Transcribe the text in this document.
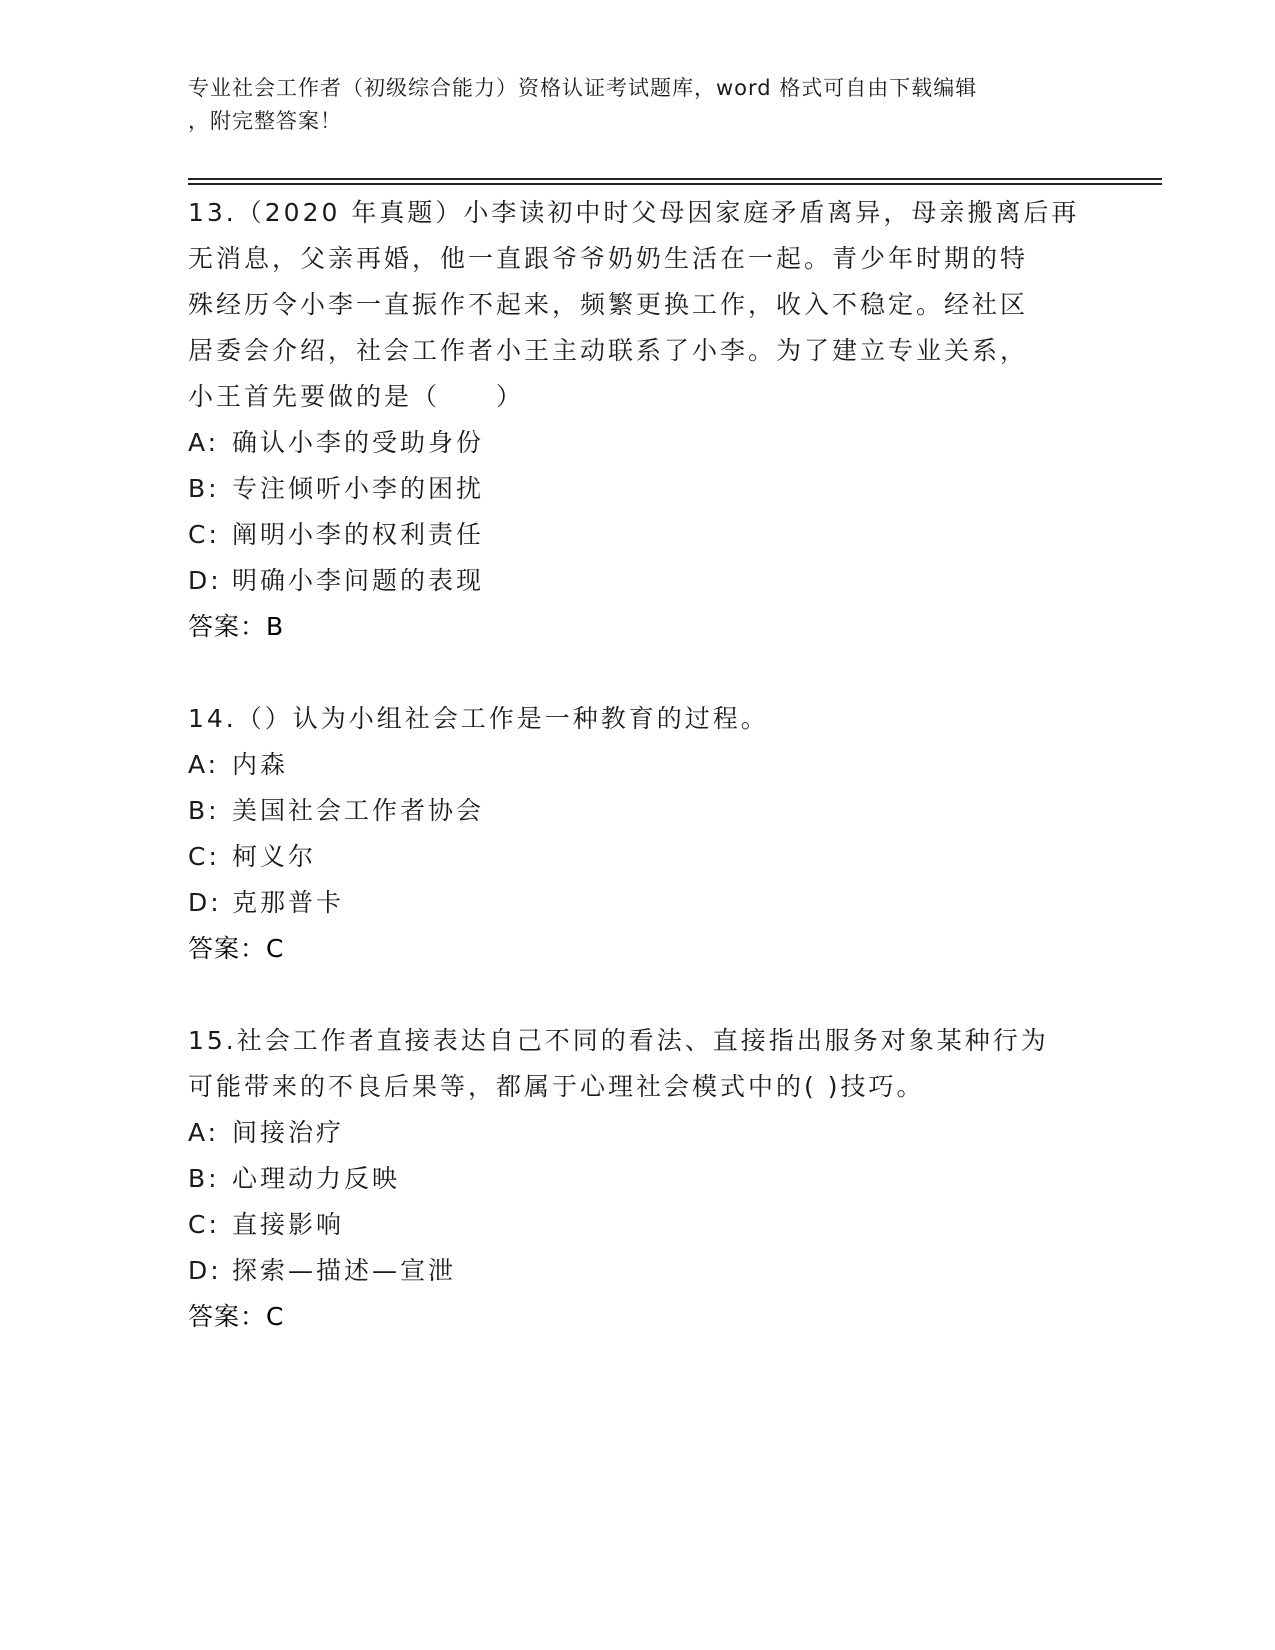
专业社会工作者（初级综合能力）资格认证考试题库，word 格式可自由下载编辑
，附完整答案！
13.（2020 年真题）小李读初中时父母因家庭矛盾离异，母亲搬离后再
无消息，父亲再婚，他一直跟爷爷奶奶生活在一起。青少年时期的特
殊经历令小李一直振作不起来，频繁更换工作，收入不稳定。经社区
居委会介绍，社会工作者小王主动联系了小李。为了建立专业关系，
小王首先要做的是（　　）
A: 确认小李的受助身份
B: 专注倾听小李的困扰
C: 阐明小李的权利责任
D: 明确小李问题的表现
答案：B
14.（）认为小组社会工作是一种教育的过程。
A: 内森
B: 美国社会工作者协会
C: 柯义尔
D: 克那普卡
答案：C
15.社会工作者直接表达自己不同的看法、直接指出服务对象某种行为
可能带来的不良后果等，都属于心理社会模式中的( )技巧。
A: 间接治疗
B: 心理动力反映
C: 直接影响
D: 探索—描述—宣泄
答案：C
